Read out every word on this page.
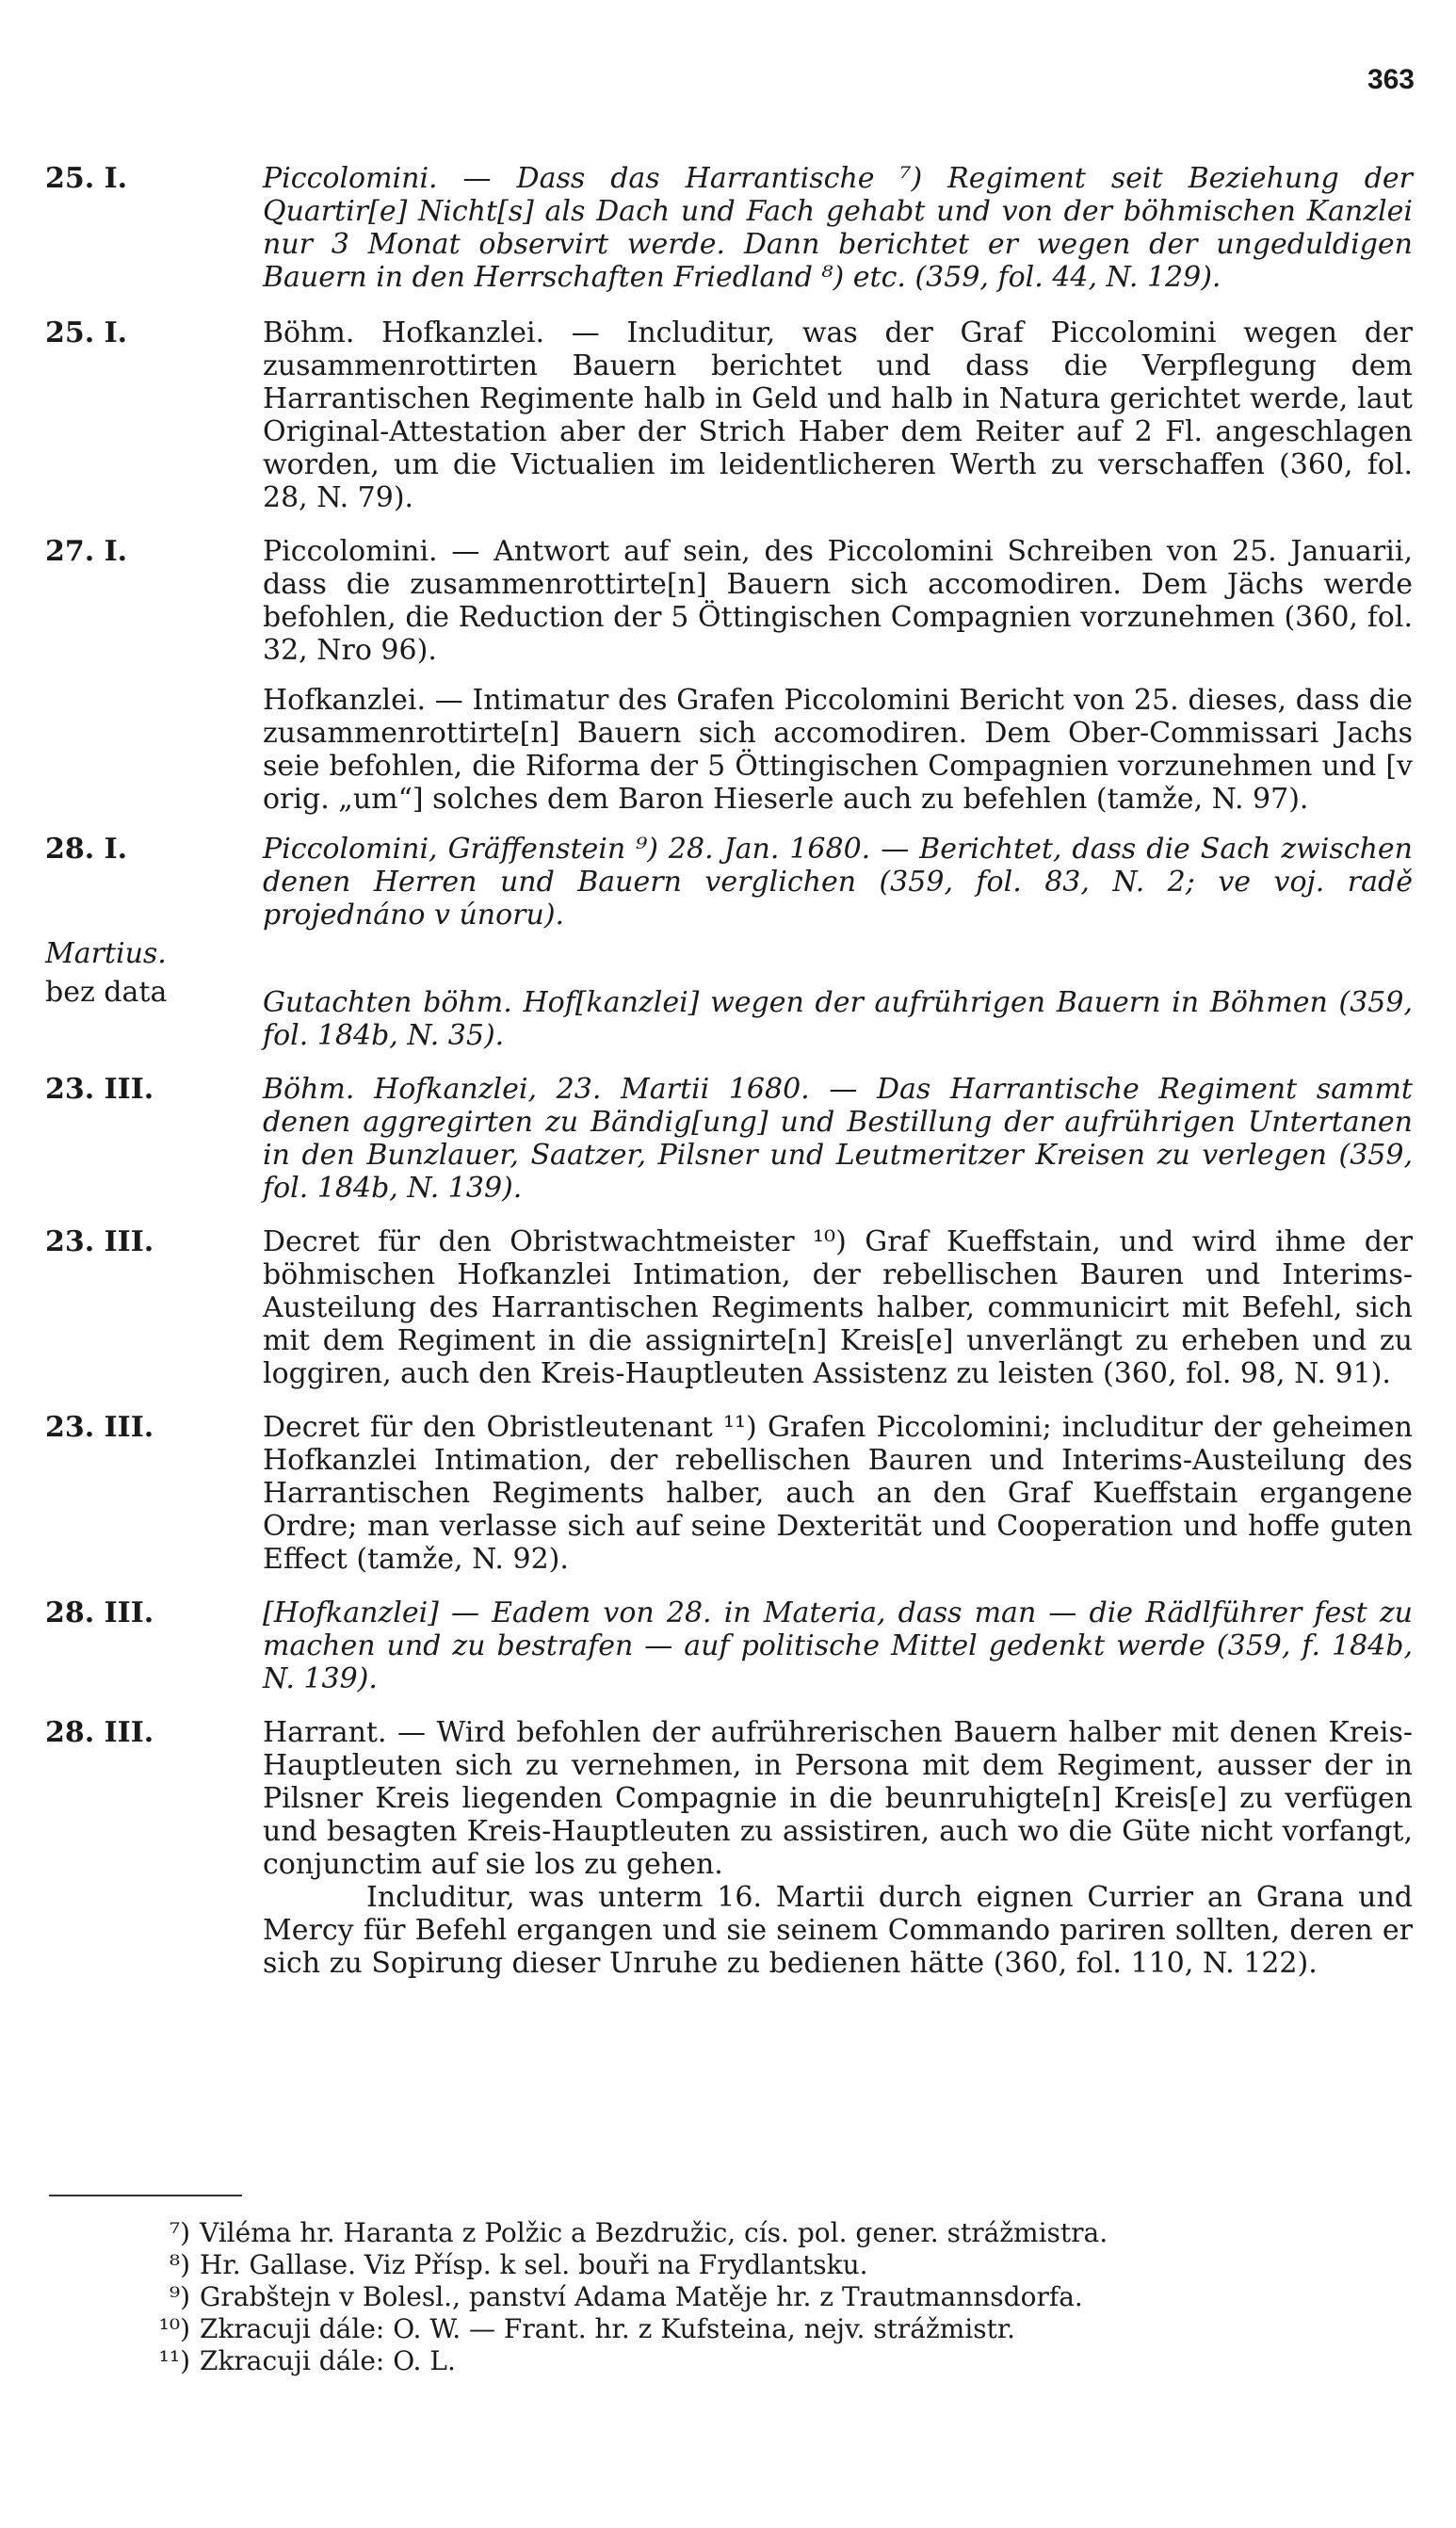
363
25. I.	Piccolomini. — Dass das Harrantische ⁷) Regiment seit Beziehung der Quartir[e] Nicht[s] als Dach und Fach gehabt und von der böhmischen Kanzlei nur 3 Monat observirt werde. Dann berichtet er wegen der ungeduldigen Bauern in den Herrschaften Friedland ⁸) etc. (359, fol. 44, N. 129).

25. I.	Böhm. Hofkanzlei. — Includitur, was der Graf Piccolomini wegen der zusammenrottirten Bauern berichtet und dass die Verpflegung dem Harrantischen Regimente halb in Geld und halb in Natura gerichtet werde, laut Original-Attestation aber der Strich Haber dem Reiter auf 2 Fl. angeschlagen worden, um die Victualien im leidentlicheren Werth zu verschaffen (360, fol. 28, N. 79).

27. I.	Piccolomini. — Antwort auf sein, des Piccolomini Schreiben von 25. Januarii, dass die zusammenrottirte[n] Bauern sich accomodiren. Dem Jächs werde befohlen, die Reduction der 5 Öttingischen Compagnien vorzunehmen (360, fol. 32, Nro 96).

Hofkanzlei. — Intimatur des Grafen Piccolomini Bericht von 25. dieses, dass die zusammenrottirte[n] Bauern sich accomodiren. Dem Ober-Commissari Jachs seie befohlen, die Riforma der 5 Öttingischen Compagnien vorzunehmen und [v orig. „um“] solches dem Baron Hieserle auch zu befehlen (tamže, N. 97).

28. I.	Piccolomini, Gräffenstein ⁹) 28. Jan. 1680. — Berichtet, dass die Sach zwischen denen Herren und Bauern verglichen (359, fol. 83, N. 2; ve voj. radě projednáno v únoru).

Martius.
bez data	Gutachten böhm. Hof[kanzlei] wegen der aufrührigen Bauern in Böhmen (359, fol. 184b, N. 35).

23. III.	Böhm. Hofkanzlei, 23. Martii 1680. — Das Harrantische Regiment sammt denen aggregirten zu Bändig[ung] und Bestillung der aufrührigen Untertanen in den Bunzlauer, Saatzer, Pilsner und Leutmeritzer Kreisen zu verlegen (359, fol. 184b, N. 139).

23. III.	Decret für den Obristwachtmeister ¹⁰) Graf Kueffstain, und wird ihme der böhmischen Hofkanzlei Intimation, der rebellischen Bauren und Interims-Austeilung des Harrantischen Regiments halber, communicirt mit Befehl, sich mit dem Regiment in die assignirte[n] Kreis[e] unverlängt zu erheben und zu loggiren, auch den Kreis-Hauptleuten Assistenz zu leisten (360, fol. 98, N. 91).

23. III.	Decret für den Obristleutenant ¹¹) Grafen Piccolomini; includitur der geheimen Hofkanzlei Intimation, der rebellischen Bauren und Interims-Austeilung des Harrantischen Regiments halber, auch an den Graf Kueffstain ergangene Ordre; man verlasse sich auf seine Dexterität und Cooperation und hoffe guten Effect (tamže, N. 92).

28. III.	[Hofkanzlei] — Eadem von 28. in Materia, dass man — die Rädlführer fest zu machen und zu bestrafen — auf politische Mittel gedenkt werde (359, f. 184b, N. 139).

28. III.	Harrant. — Wird befohlen der aufrührerischen Bauern halber mit denen Kreis-Hauptleuten sich zu vernehmen, in Persona mit dem Regiment, ausser der in Pilsner Kreis liegenden Compagnie in die beunruhigte[n] Kreis[e] zu verfügen und besagten Kreis-Hauptleuten zu assistiren, auch wo die Güte nicht vorfangt, conjunctim auf sie los zu gehen.

Includitur, was unterm 16. Martii durch eignen Currier an Grana und Mercy für Befehl ergangen und sie seinem Commando pariren sollten, deren er sich zu Sopirung dieser Unruhe zu bedienen hätte (360, fol. 110, N. 122).

⁷) Viléma hr. Haranta z Polžic a Bezdružic, cís. pol. gener. strážmistra.
⁸) Hr. Gallase. Viz Přísp. k sel. bouři na Frydlantsku.
⁹) Grabštejn v Bolesl., panství Adama Matěje hr. z Trautmannsdorfa.
¹⁰) Zkracuji dále: O. W. — Frant. hr. z Kufsteina, nejv. strážmistr.
¹¹) Zkracuji dále: O. L.
